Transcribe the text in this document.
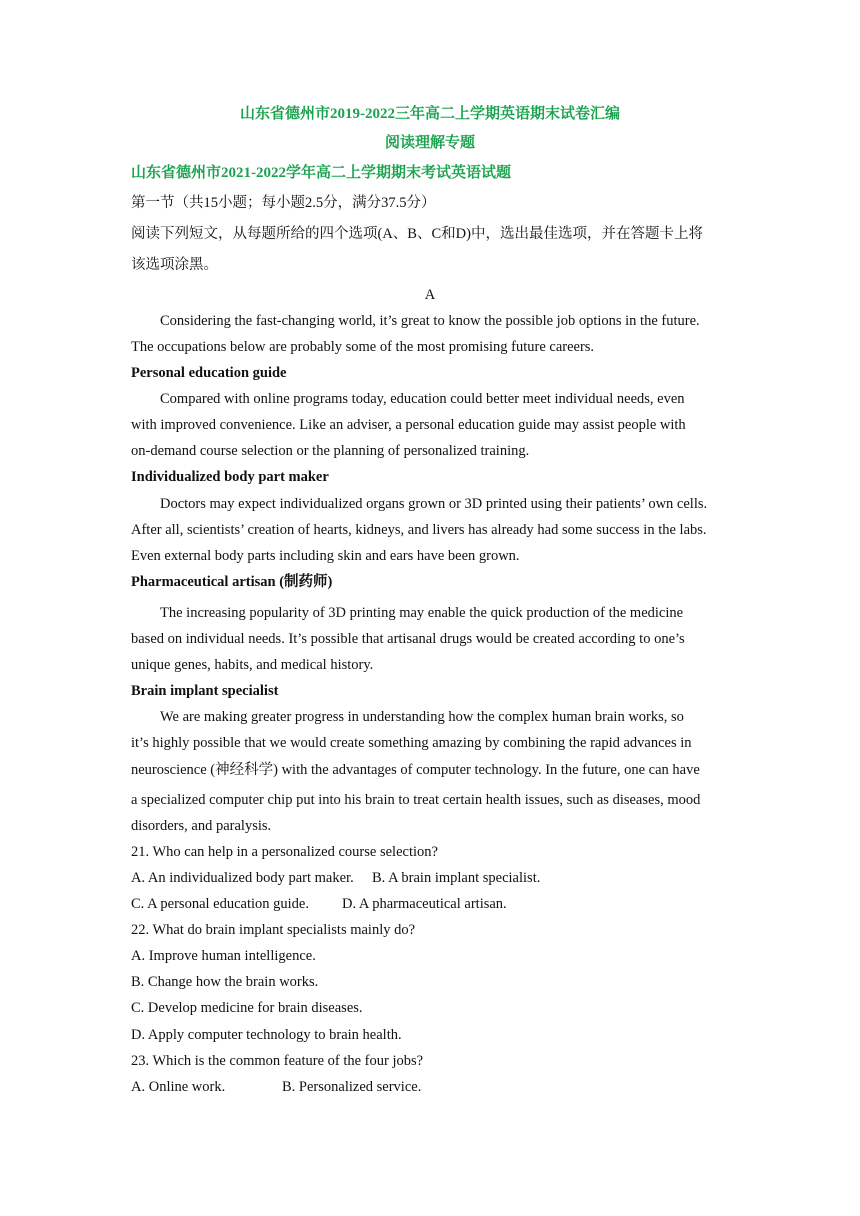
山东省德州市2019-2022三年高二上学期英语期末试卷汇编
阅读理解专题
山东省德州市2021-2022学年高二上学期期末考试英语试题
第一节（共15小题；每小题2.5分，满分37.5分）
阅读下列短文，从每题所给的四个选项(A、B、C和D)中，选出最佳选项，并在答题卡上将
该选项涂黑。
A
Considering the fast-changing world, it’s great to know the possible job options in the future.
The occupations below are probably some of the most promising future careers.
Personal education guide
Compared with online programs today, education could better meet individual needs, even
with improved convenience. Like an adviser, a personal education guide may assist people with
on-demand course selection or the planning of personalized training.
Individualized body part maker
Doctors may expect individualized organs grown or 3D printed using their patients’ own cells.
After all, scientists’ creation of hearts, kidneys, and livers has already had some success in the labs.
Even external body parts including skin and ears have been grown.
Pharmaceutical artisan (制药师)
The increasing popularity of 3D printing may enable the quick production of the medicine
based on individual needs. It’s possible that artisanal drugs would be created according to one’s
unique genes, habits, and medical history.
Brain implant specialist
We are making greater progress in understanding how the complex human brain works, so
it’s highly possible that we would create something amazing by combining the rapid advances in
neuroscience (神经科学) with the advantages of computer technology. In the future, one can have
a specialized computer chip put into his brain to treat certain health issues, such as diseases, mood
disorders, and paralysis.
21. Who can help in a personalized course selection?
A. An individualized body part maker. B. A brain implant specialist.
C. A personal education guide. D. A pharmaceutical artisan.
22. What do brain implant specialists mainly do?
A. Improve human intelligence.
B. Change how the brain works.
C. Develop medicine for brain diseases.
D. Apply computer technology to brain health.
23. Which is the common feature of the four jobs?
A. Online work.	B. Personalized service.
